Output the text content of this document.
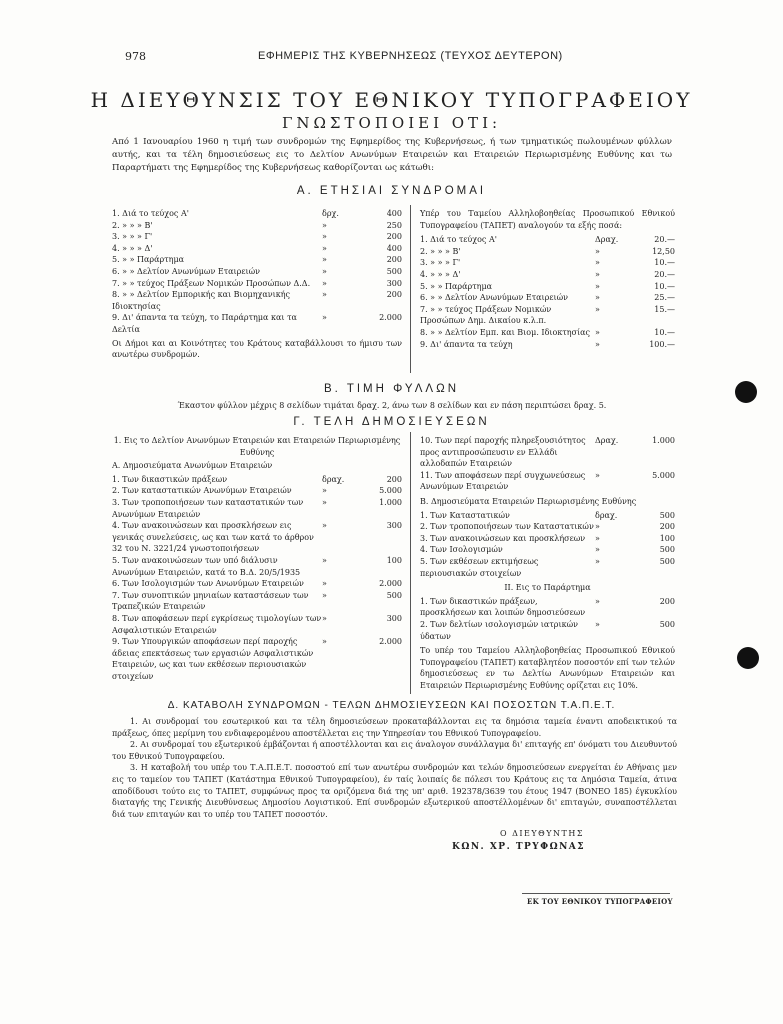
978	ΕΦΗΜΕΡΙΣ ΤΗΣ ΚΥΒΕΡΝΗΣΕΩΣ (ΤΕΥΧΟΣ ΔΕΥΤΕΡΟΝ)
Η ΔΙΕΥΘΥΝΣΙΣ ΤΟΥ ΕΘΝΙΚΟΥ ΤΥΠΟΓΡΑΦΕΙΟΥ
ΓΝΩΣΤΟΠΟΙΕΙ ΟΤΙ:
Από 1 Ιανουαρίου 1960 η τιμή των συνδρομών της Εφημερίδος της Κυβερνήσεως, ή των τμηματικώς πωλουμένων φύλλων αυτής, και τα τέλη δημοσιεύσεως εις το Δελτίον Ανωνύμων Εταιρειών και Εταιρειών Περιωρισμένης Ευθύνης και τω Παραρτήματι της Εφημερίδος της Κυβερνήσεως καθορίζονται ως κάτωθι:
Α. ΕΤΗΣΙΑΙ ΣΥΝΔΡΟΜΑΙ
1. Διά το τεύχος Α'	δρχ.	400
2. » » » Β'	»	250
3. » » » Γ'	»	200
4. » » » Δ'	»	400
5. » » Παράρτημα	»	200
6. » » Δελτίον Ανωνύμων Εταιρειών	»	500
7. » » τεύχος Πράξεων Νομικών Προσώπων Δ.Δ.	»	300
8. » » Δελτίον Εμπορικής και Βιομηχανικής Ιδιοκτησίας
»	200
9. Δι' άπαντα τα τεύχη, το Παράρτημα και τα Δελτία
»	2.000
Οι Δήμοι και αι Κοινότητες του Κράτους καταβάλλουσι το ήμισυ των ανωτέρω συνδρομών.
Υπέρ του Ταμείου Αλληλοβοηθείας Προσωπικού Εθνικού Τυπογραφείου (ΤΑΠΕΤ) αναλογούν τα εξής ποσά:
1. Διά το τεύχος Α'	Δραχ.	20.—
2. » » » Β'	»	12,50
3. » » » Γ'	»	10.—
4. » » » Δ'	»	20.—
5. » » Παράρτημα	»	10.—
6. » » Δελτίον Ανωνύμων Εταιρειών	»	25.—
7. » » τεύχος Πράξεων Νομικών Προσώπων Δημ. Δικαίου κ.λ.π.
»	15.—
8. » » Δελτίον Εμπ. και Βιομ. Ιδιοκτησίας »	10.—
9. Δι' άπαντα τα τεύχη	»	100.—
Β. ΤΙΜΗ ΦΥΛΛΩΝ
Έκαστον φύλλον μέχρις 8 σελίδων τιμάται δραχ. 2, άνω των 8 σελίδων και εν πάση περιπτώσει δραχ. 5.
Γ. ΤΕΛΗ ΔΗΜΟΣΙΕΥΣΕΩΝ
1. Εις το Δελτίον Ανωνύμων Εταιρειών και Εταιρειών Περιωρισμένης Ευθύνης
Α. Δημοσιεύματα Ανωνύμων Εταιρειών
1. Των δικαστικών πράξεων	δραχ.	200
2. Των καταστατικών Ανωνύμων Εταιρειών	»	5.000
3. Των τροποποιήσεων των καταστατικών των Ανωνύμων Εταιρειών
»	1.000
4. Των ανακοινώσεων και προσκλήσεων εις γενικάς συνελεύσεις, ως και των κατά το άρθρον 32 του Ν. 3221/24 γνωστοποιήσεων
»	300
5. Των ανακοινώσεων των υπό διάλυσιν Ανωνύμων Εταιρειών, κατά το Β.Δ. 20/5/1935
»	100
6. Των Ισολογισμών των Ανωνύμων Εταιρειών	»	2.000
7. Των συνοπτικών μηνιαίων καταστάσεων των Τραπεζικών Εταιρειών
»	500
8. Των αποφάσεων περί εγκρίσεως τιμολογίων των Ασφαλιστικών Εταιρειών
»	300
9. Των Υπουργικών αποφάσεων περί παροχής άδειας επεκτάσεως των εργασιών Ασφαλιστικών Εταιρειών, ως και των εκθέσεων περιουσιακών στοιχείων
»	2.000
10. Των περί παροχής πληρεξουσιότητος προς αντιπροσώπευσιν εν Ελλάδι αλλοδαπών Εταιρειών
Δραχ.	1.000
11. Των αποφάσεων περί συγχωνεύσεως Ανωνύμων Εταιρειών
»	5.000
Β. Δημοσιεύματα Εταιρειών Περιωρισμένης Ευθύνης
1. Των Καταστατικών	δραχ.	500
2. Των τροποποιήσεων των Καταστατικών »	200
3. Των ανακοινώσεων και προσκλήσεων	»	100
4. Των Ισολογισμών	»	500
5. Των εκθέσεων εκτιμήσεως περιουσιακών στοιχείων
»	500
ΙΙ. Εις το Παράρτημα
1. Των δικαστικών πράξεων, προσκλήσεων και λοιπών δημοσιεύσεων
»	200
2. Των δελτίων ισολογισμών ιατρικών ύδατων
»	500
Το υπέρ του Ταμείου Αλληλοβοηθείας Προσωπικού Εθνικού Τυπογραφείου (ΤΑΠΕΤ) καταβλητέον ποσοστόν επί των τελών δημοσιεύσεως εν τω Δελτίω Ανωνύμων Εταιρειών και Εταιρειών Περιωρισμένης Ευθύνης ορίζεται εις 10%.
Δ. ΚΑΤΑΒΟΛΗ ΣΥΝΔΡΟΜΩΝ - ΤΕΛΩΝ ΔΗΜΟΣΙΕΥΣΕΩΝ ΚΑΙ ΠΟΣΟΣΤΩΝ Τ.Α.Π.Ε.Τ.
1. Αι συνδρομαί του εσωτερικού και τα τέλη δημοσιεύσεων προκαταβάλλονται εις τα δημόσια ταμεία έναντι αποδεικτικού τα πράξεως, όπες μερίμνη του ενδιαφερομένου αποστέλλεται εις την Υπηρεσίαν του Εθνικού Τυπογραφείου.
2. Αι συνδρομαί του εξωτερικού έμβάζονται ή αποστέλλονται και εις άναλογον συνάλλαγμα δι' επιταγής επ' όνόματι του Διευθυντού του Εθνικού Τυπογραφείου.
3. Η καταβολή του υπέρ του Τ.Α.Π.Ε.Τ. ποσοστού επί των ανωτέρω συνδρομών και τελών δημοσιεύσεων ενεργείται έν Αθήναις μεν εις το ταμείον του ΤΑΠΕΤ (Κατάστημα Εθνικού Τυπογραφείου), έν ταίς λοιπαίς δε πόλεσι του Κράτους εις τα Δημόσια Ταμεία, άτινα αποδίδουσι τούτο εις το ΤΑΠΕΤ, συμφώνως προς τα οριζόμενα διά της υπ' αριθ. 192378/3639 του έτους 1947 (ΒΟΝΕΟ 185) έγκυκλίου διαταγής της Γενικής Διευθύνσεως Δημοσίου Λογιστικού. Επί συνδρομών εξωτερικού αποστέλλομένων δι' επιταγών, συναποστέλλεται διά των επιταγών και το υπέρ του ΤΑΠΕΤ ποσοστόν.
Ο ΔΙΕΥΘΥΝΤΗΣ
ΚΩΝ. ΧΡ. ΤΡΥΦΩΝΑΣ
ΕΚ ΤΟΥ ΕΘΝΙΚΟΥ ΤΥΠΟΓΡΑΦΕΙΟΥ
